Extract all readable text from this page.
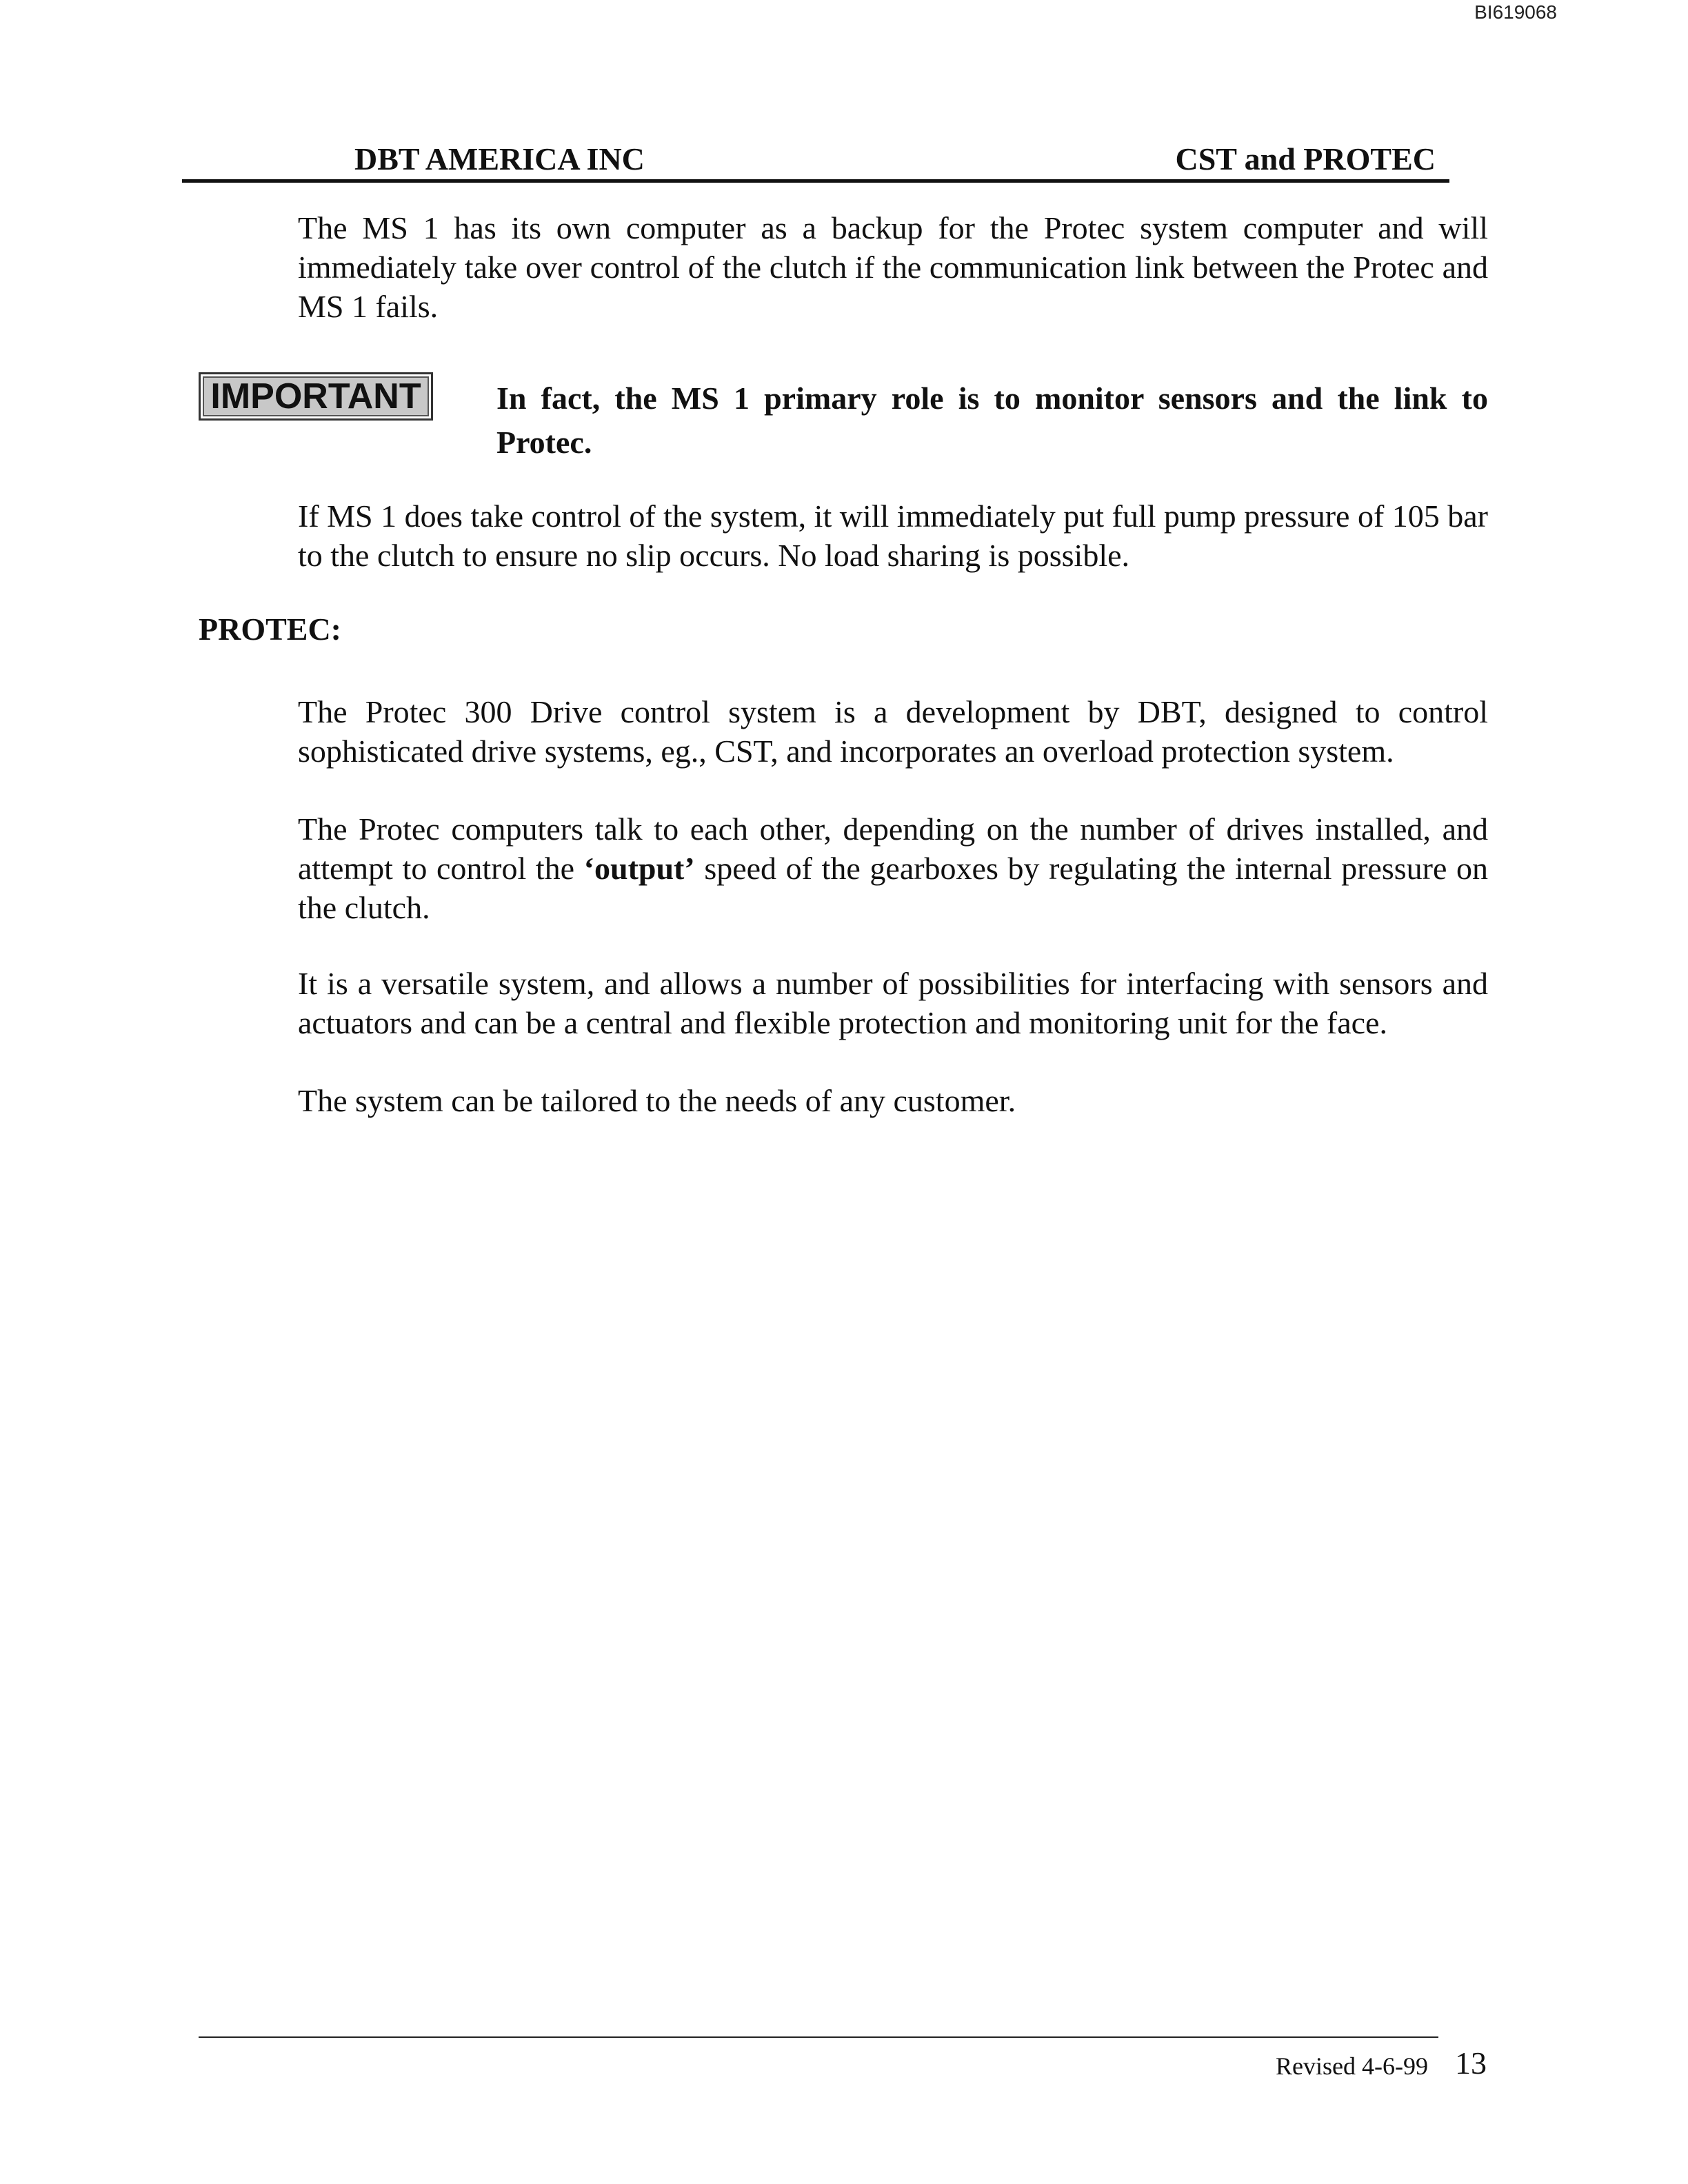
BI619068
DBT AMERICA INC	CST and PROTEC

The MS 1 has its own computer as a backup for the Protec system computer and will immediately take over control of the clutch if the communication link between the Protec and MS 1 fails.

IMPORTANT	In fact, the MS 1 primary role is to monitor sensors and the link to Protec.

If MS 1 does take control of the system, it will immediately put full pump pressure of 105 bar to the clutch to ensure no slip occurs. No load sharing is possible.

PROTEC:

The Protec 300 Drive control system is a development by DBT, designed to control sophisticated drive systems, eg., CST, and incorporates an overload protection system.

The Protec computers talk to each other, depending on the number of drives installed, and attempt to control the ‘output’ speed of the gearboxes by regulating the internal pressure on the clutch.

It is a versatile system, and allows a number of possibilities for interfacing with sensors and actuators and can be a central and flexible protection and monitoring unit for the face.

The system can be tailored to the needs of any customer.

Revised 4-6-99 13
